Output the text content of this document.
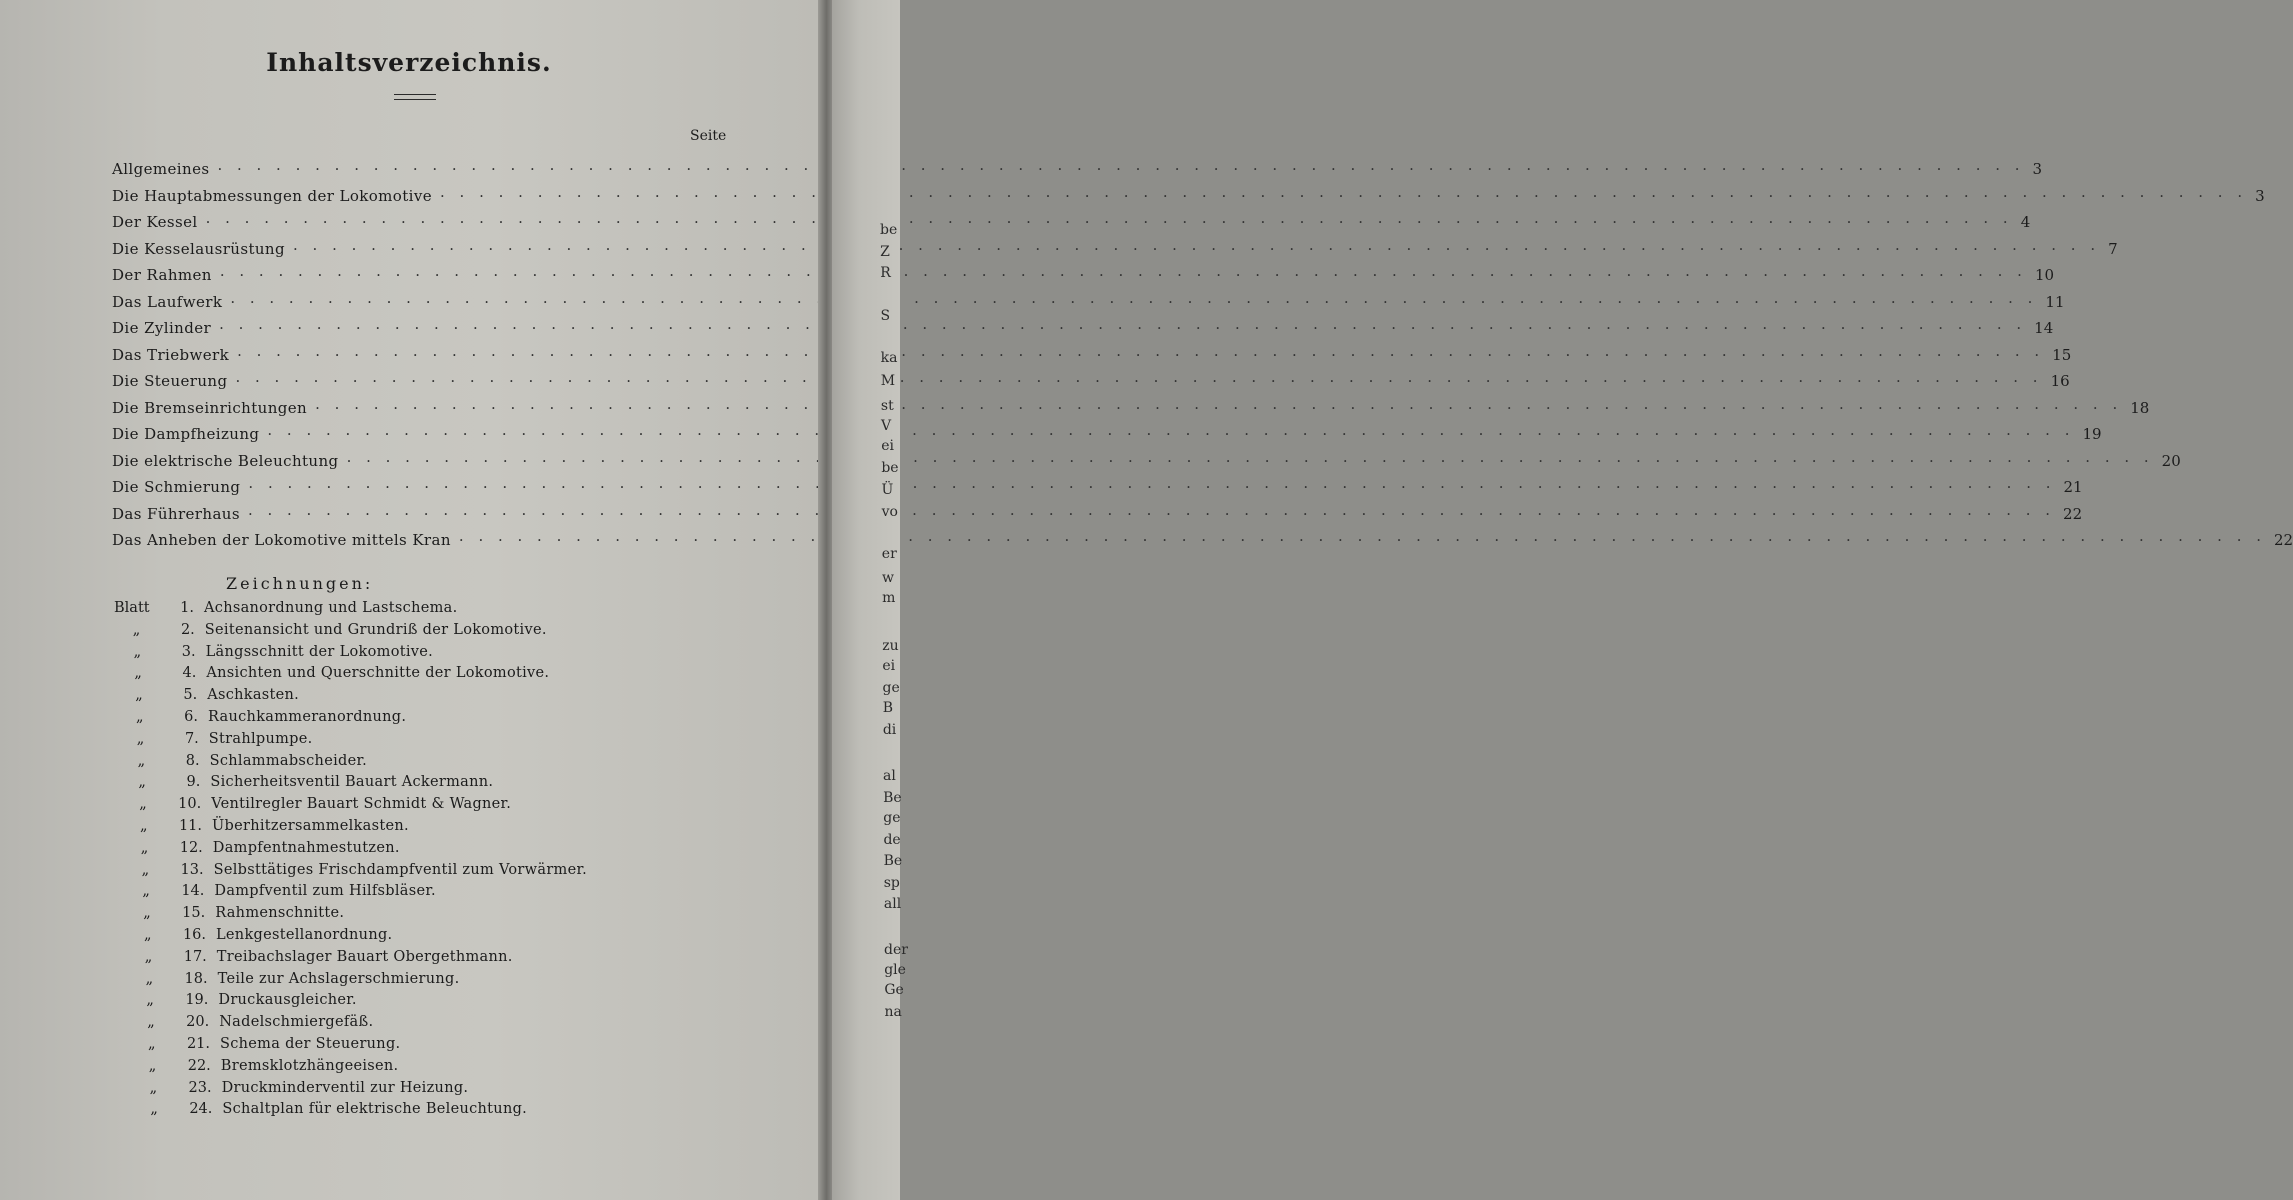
Inhaltsverzeichnis.
Seite
Allgemeines · · ·	3
Die Hauptabmessungen der Lokomotive · · ·	3
Der Kessel · · ·	4
Die Kesselausrüstung · · ·	7
Der Rahmen · · ·	10
Das Laufwerk · · ·	11
Die Zylinder · · ·	14
Das Triebwerk · · ·	15
Die Steuerung · · ·	16
Die Bremseinrichtungen · · ·	18
Die Dampfheizung · · ·	19
Die elektrische Beleuchtung · · ·	20
Die Schmierung · · ·	21
Das Führerhaus · · ·	22
Das Anheben der Lokomotive mittels Kran · · ·	22
Zeichnungen:
Blatt	1. Achsanordnung und Lastschema.
„	2. Seitenansicht und Grundriß der Lokomotive.
„	3. Längsschnitt der Lokomotive.
„	4. Ansichten und Querschnitte der Lokomotive.
„	5. Aschkasten.
„	6. Rauchkammeranordnung.
„	7. Strahlpumpe.
„	8. Schlammabscheider.
„	9. Sicherheitsventil Bauart Ackermann.
„	10. Ventilregler Bauart Schmidt & Wagner.
„	11. Überhitzersammelkasten.
„	12. Dampfentnahmestutzen.
„	13. Selbsttätiges Frischdampfventil zum Vorwärmer.
„	14. Dampfventil zum Hilfsbläser.
„	15. Rahmenschnitte.
„	16. Lenkgestellanordnung.
„	17. Treibachslager Bauart Obergethmann.
„	18. Teile zur Achslagerschmierung.
„	19. Druckausgleicher.
„	20. Nadelschmiergefäß.
„	21. Schema der Steuerung.
„	22. Bremsklotzhängeeisen.
„	23. Druckminderventil zur Heizung.
„	24. Schaltplan für elektrische Beleuchtung.
be
Z
R
S
ka
M
st
V
ei
be
Ü
vo
er
w
m
zu
ei
ge
B
di
al
Be
ge
de
Be
sp
all
der
gle
Ge
na
